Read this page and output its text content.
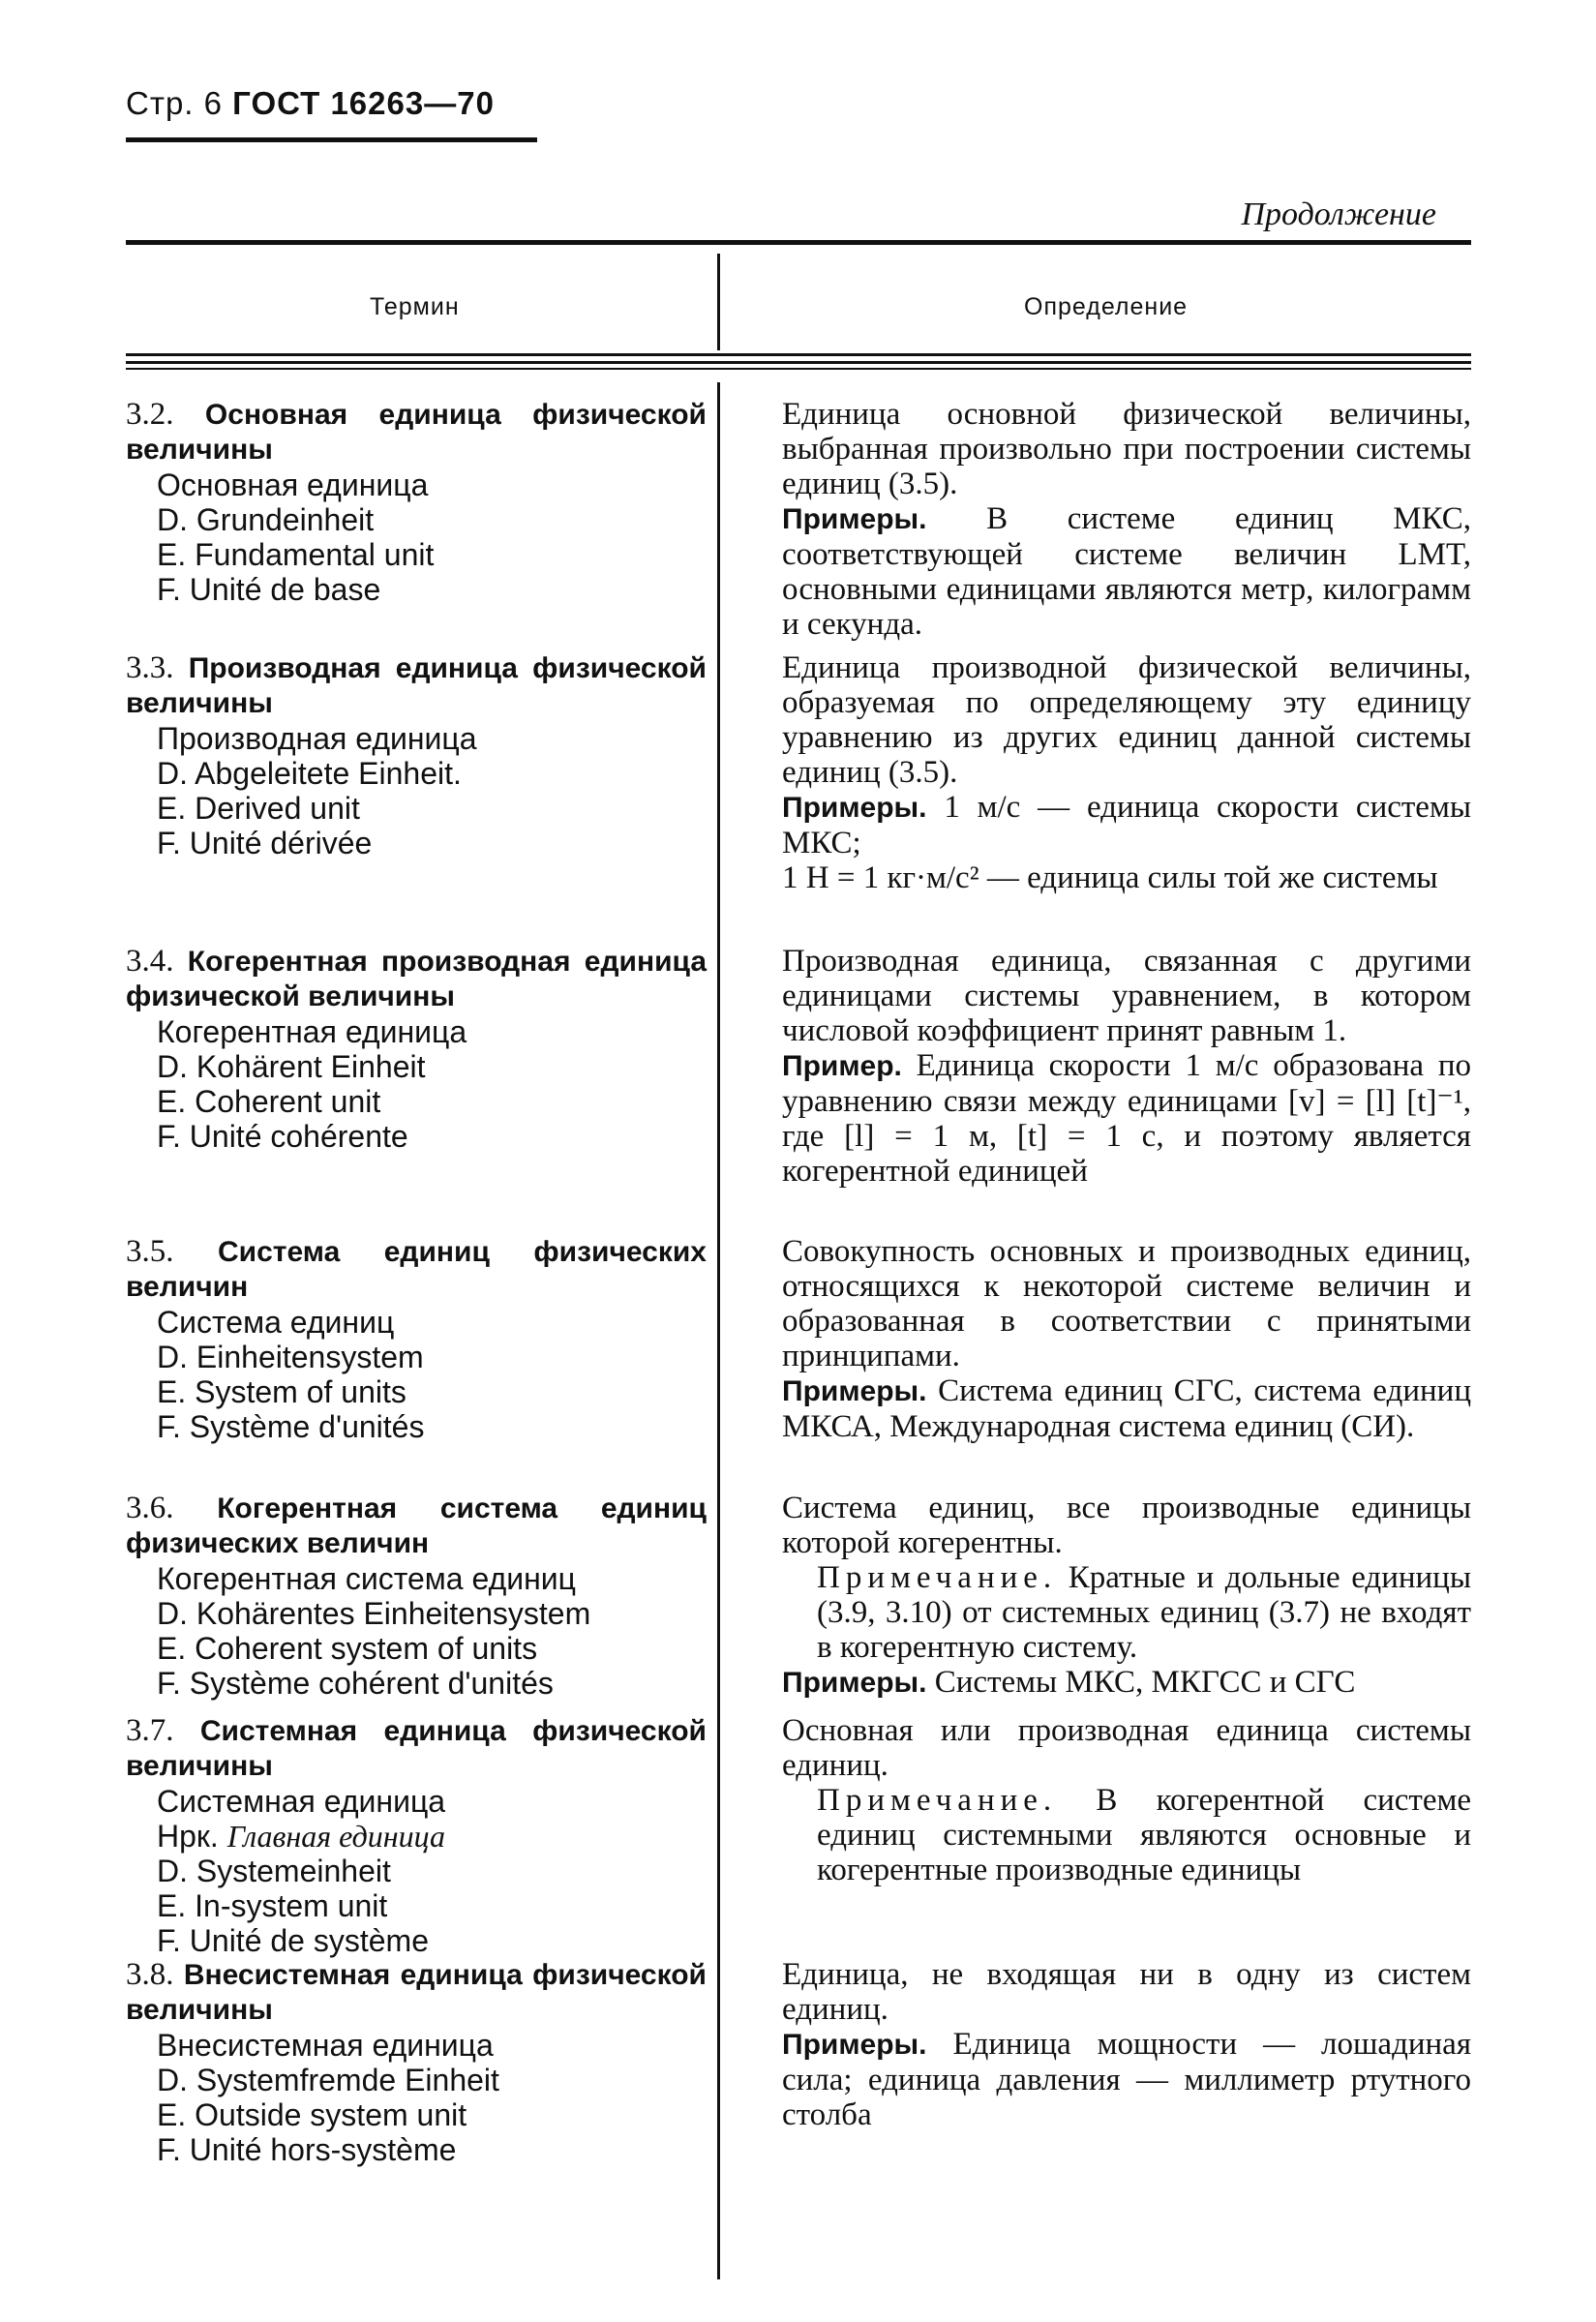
Стр. 6 ГОСТ 16263—70
Продолжение
Термин	Определение
3.2. Основная единица физической величины
Основная единица
D. Grundeinheit
E. Fundamental unit
F. Unité de base

Единица основной физической величины, выбранная произвольно при построении системы единиц (3.5).

Примеры. В системе единиц МКС, соответствующей системе величин LMT, основными единицами являются метр, килограмм и секунда.

3.3. Производная единица физической величины
Производная единица
D. Abgeleitete Einheit.
E. Derived unit
F. Unité dérivée

Единица производной физической величины, образуемая по определяющему эту единицу уравнению из других единиц данной системы единиц (3.5).

Примеры. 1 м/с — единица скорости системы МКС;

1 Н = 1 кг·м/с² — единица силы той же системы

3.4. Когерентная производная единица физической величины
Когерентная единица
D. Kohärent Einheit
E. Coherent unit
F. Unité cohérente

Производная единица, связанная с другими единицами системы уравнением, в котором числовой коэффициент принят равным 1.

Пример. Единица скорости 1 м/с образована по уравнению связи между единицами [v] = [l] [t]⁻¹, где [l] = 1 м, [t] = 1 с, и поэтому является когерентной единицей

3.5. Система единиц физических величин
Система единиц
D. Einheitensystem
E. System of units
F. Système d'unités

Совокупность основных и производных единиц, относящихся к некоторой системе величин и образованная в соответствии с принятыми принципами.

Примеры. Система единиц СГС, система единиц МКСА, Международная система единиц (СИ).

3.6. Когерентная система единиц физических величин
Когерентная система единиц
D. Kohärentes Einheitensystem
E. Coherent system of units
F. Système cohérent d'unités

Система единиц, все производные единицы которой когерентны.

Примечание. Кратные и дольные единицы (3.9, 3.10) от системных единиц (3.7) не входят в когерентную систему.

Примеры. Системы МКС, МКГСС и СГС

3.7. Системная единица физической величины
Системная единица
Нрк. Главная единица
D. Systemeinheit
E. In-system unit
F. Unité de système

Основная или производная единица системы единиц.

Примечание. В когерентной системе единиц системными являются основные и когерентные производные единицы

3.8. Внесистемная единица физической величины
Внесистемная единица
D. Systemfremde Einheit
E. Outside system unit
F. Unité hors-système

Единица, не входящая ни в одну из систем единиц.

Примеры. Единица мощности — лошадиная сила; единица давления — миллиметр ртутного столба
